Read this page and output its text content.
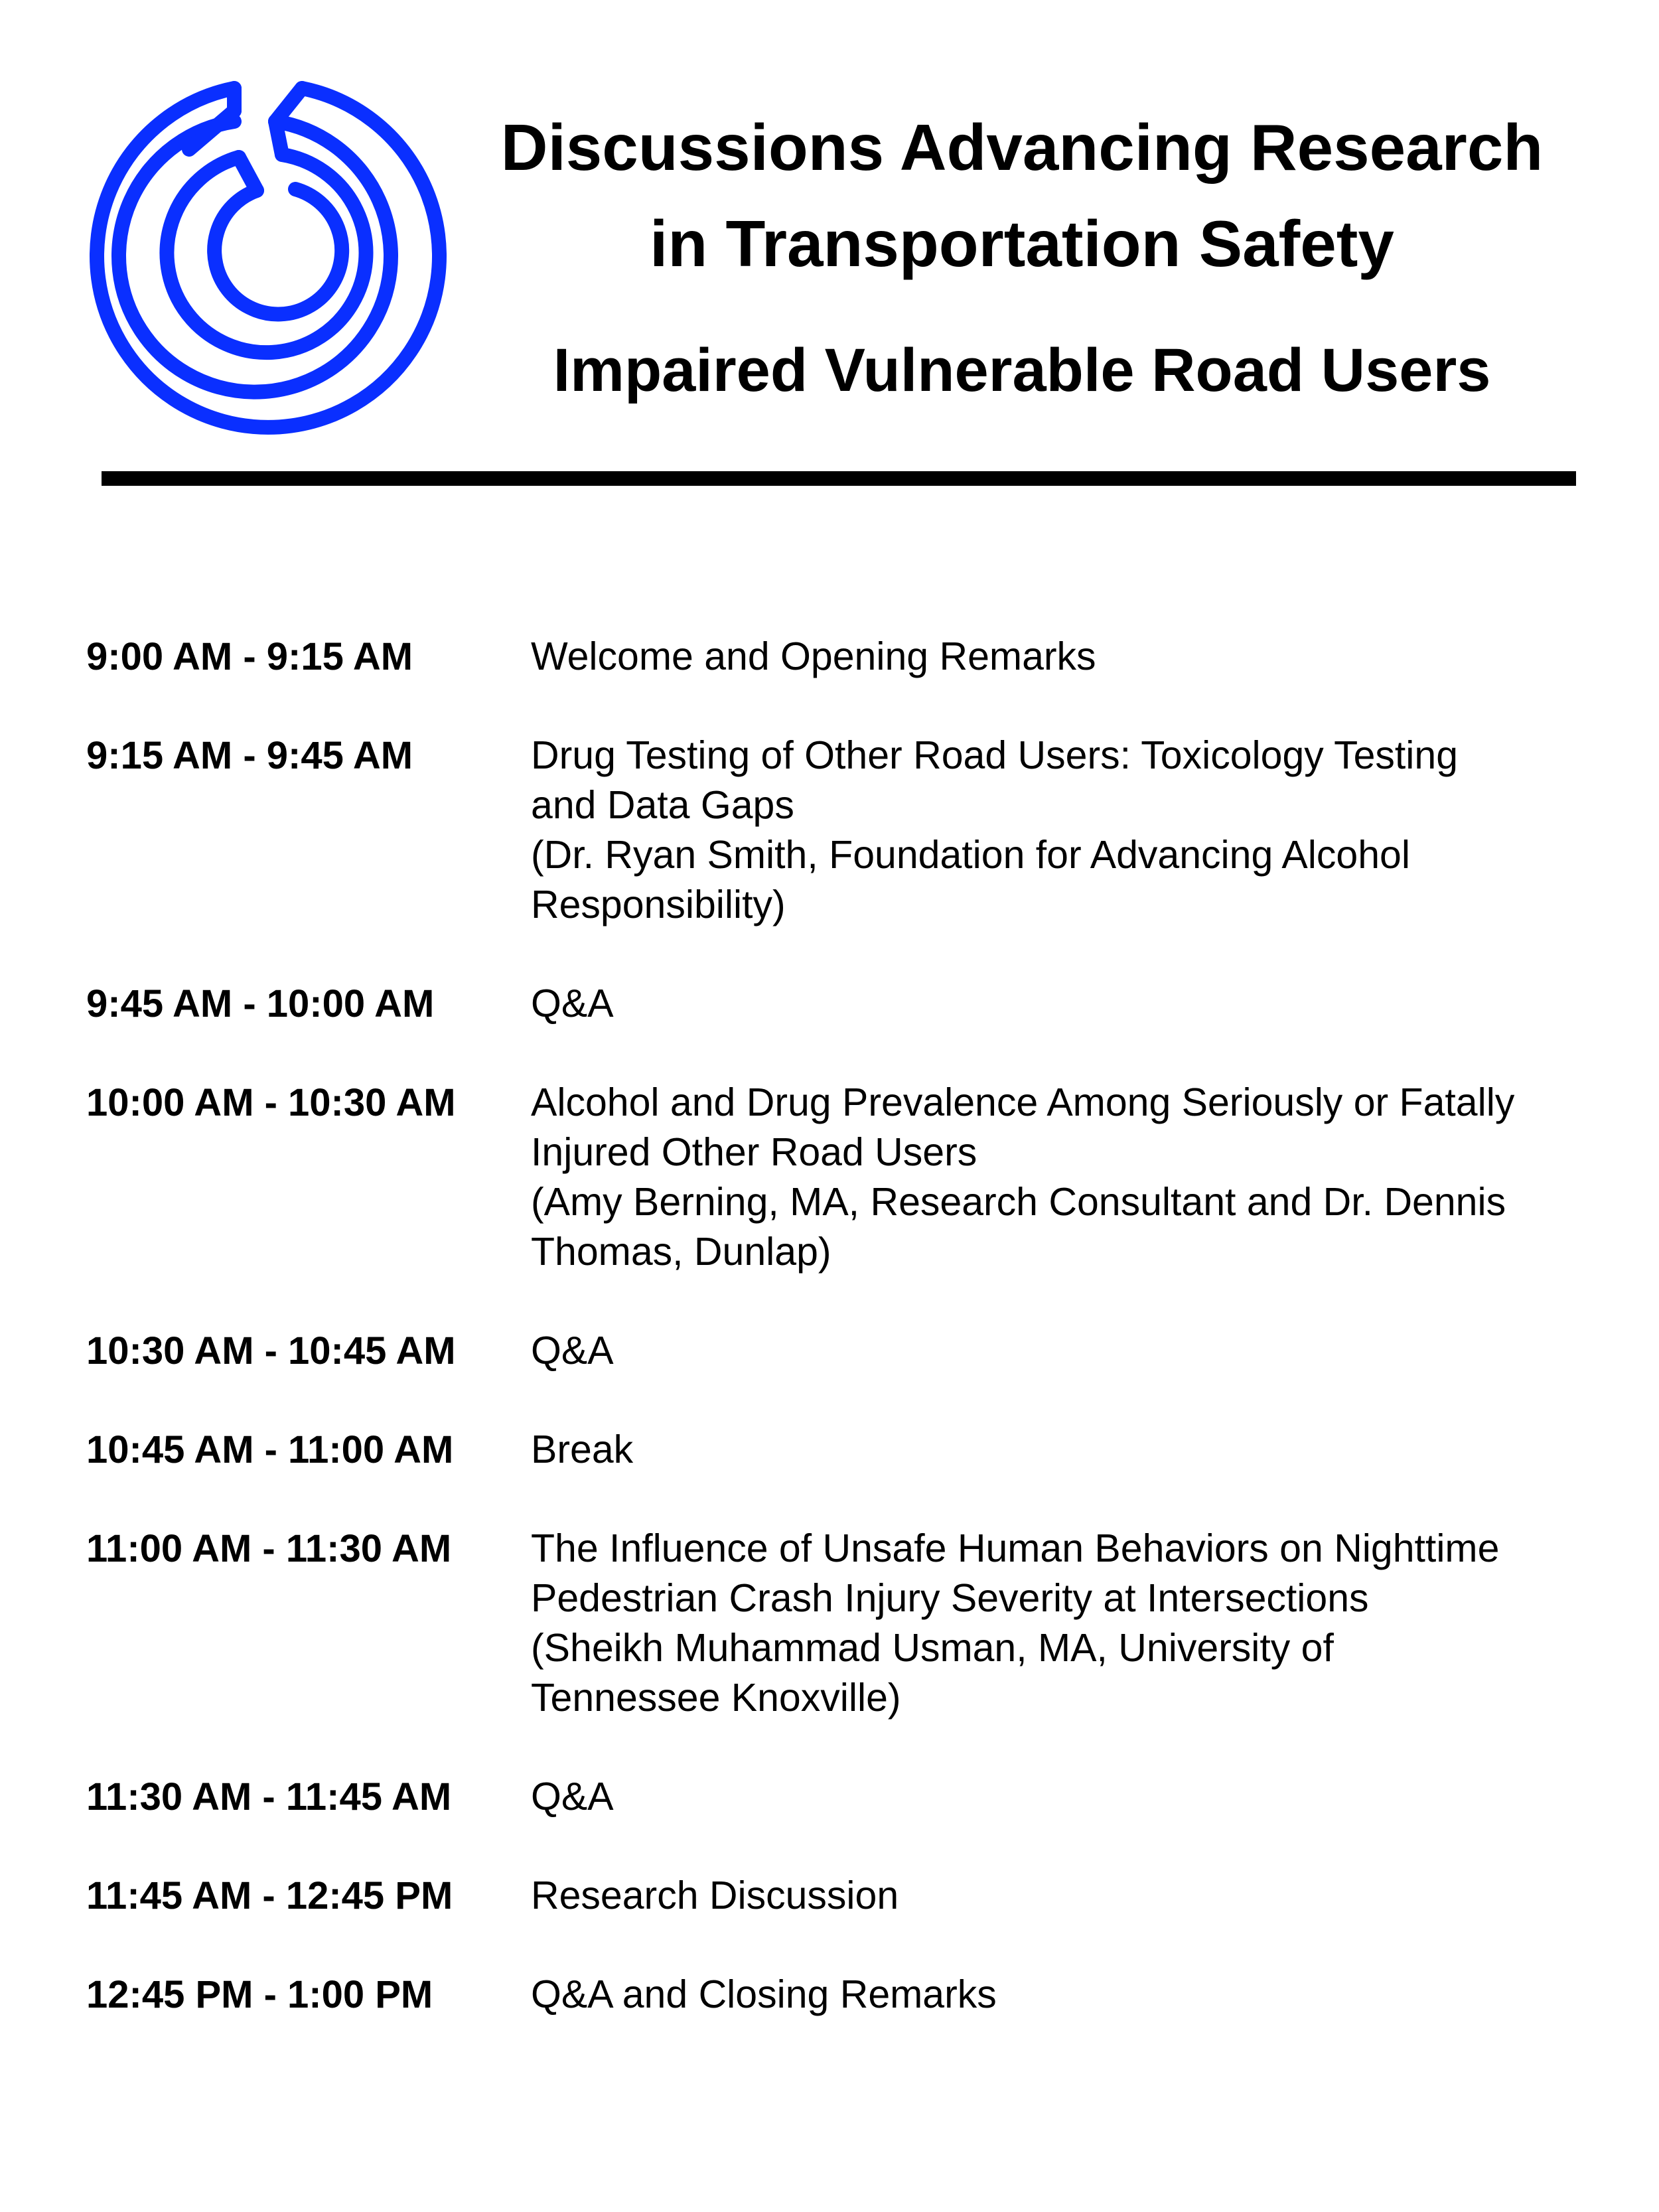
Discussions Advancing Research
in Transportation Safety
Impaired Vulnerable Road Users
9:00 AM - 9:15 AM	Welcome and Opening Remarks
9:15 AM - 9:45 AM	Drug Testing of Other Road Users: Toxicology Testing
and Data Gaps
(Dr. Ryan Smith, Foundation for Advancing Alcohol
Responsibility)
9:45 AM - 10:00 AM	Q&A
10:00 AM - 10:30 AM	Alcohol and Drug Prevalence Among Seriously or Fatally
Injured Other Road Users
(Amy Berning, MA, Research Consultant and Dr. Dennis
Thomas, Dunlap)
10:30 AM - 10:45 AM	Q&A
10:45 AM - 11:00 AM	Break
11:00 AM - 11:30 AM	The Influence of Unsafe Human Behaviors on Nighttime
Pedestrian Crash Injury Severity at Intersections
(Sheikh Muhammad Usman, MA, University of
Tennessee Knoxville)
11:30 AM - 11:45 AM	Q&A
11:45 AM - 12:45 PM	Research Discussion
12:45 PM - 1:00 PM	Q&A and Closing Remarks
